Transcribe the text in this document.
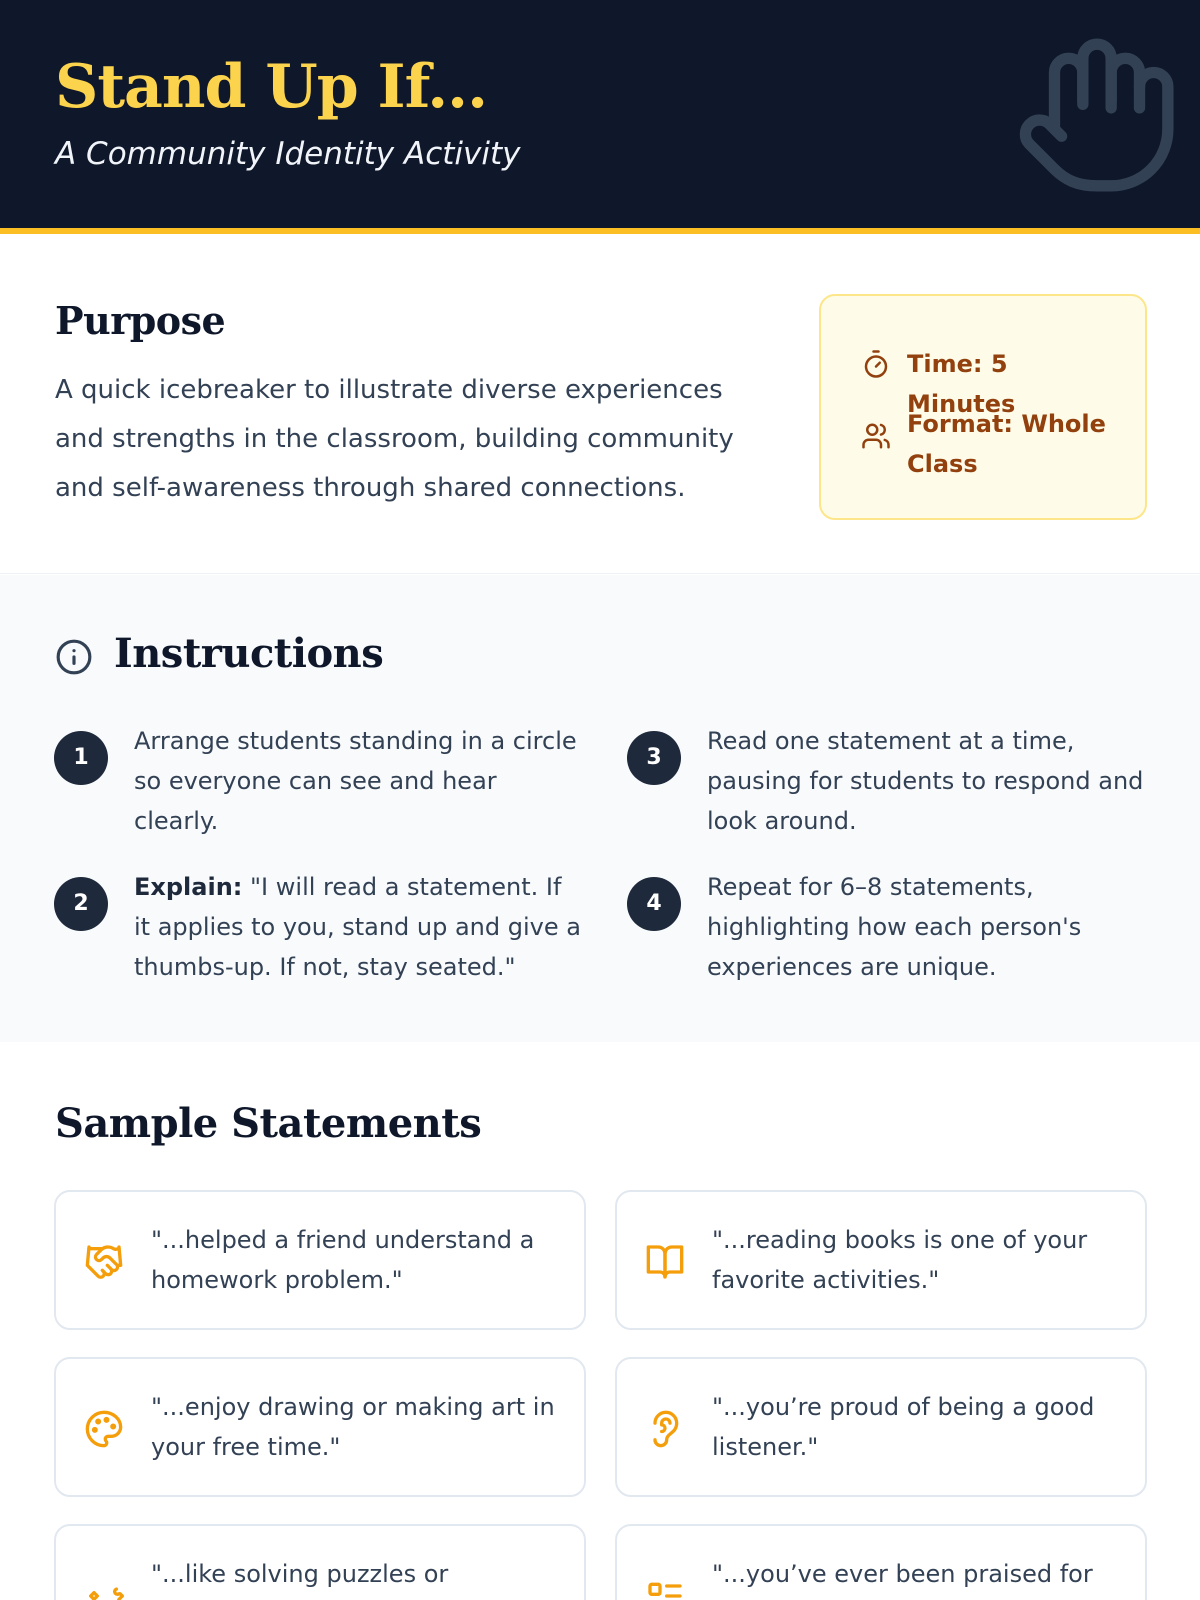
Stand Up If...
A Community Identity Activity
Purpose

A quick icebreaker to illustrate diverse experiences and strengths in the classroom, building community and self-awareness through shared connections.

Time: 5 Minutes
Format: Whole Class
Instructions
1
Arrange students standing in a circle so everyone can see and hear clearly.
2
Explain: "I will read a statement. If it applies to you, stand up and give a thumbs-up. If not, stay seated."
3
Read one statement at a time, pausing for students to respond and look around.
4
Repeat for 6–8 statements, highlighting how each person's experiences are unique.
Sample Statements
"...helped a friend understand a homework problem."
"...reading books is one of your favorite activities."
"...enjoy drawing or making art in your free time."
"...you’re proud of being a good listener."
"...like solving puzzles or	"...you’ve ever been praised for
